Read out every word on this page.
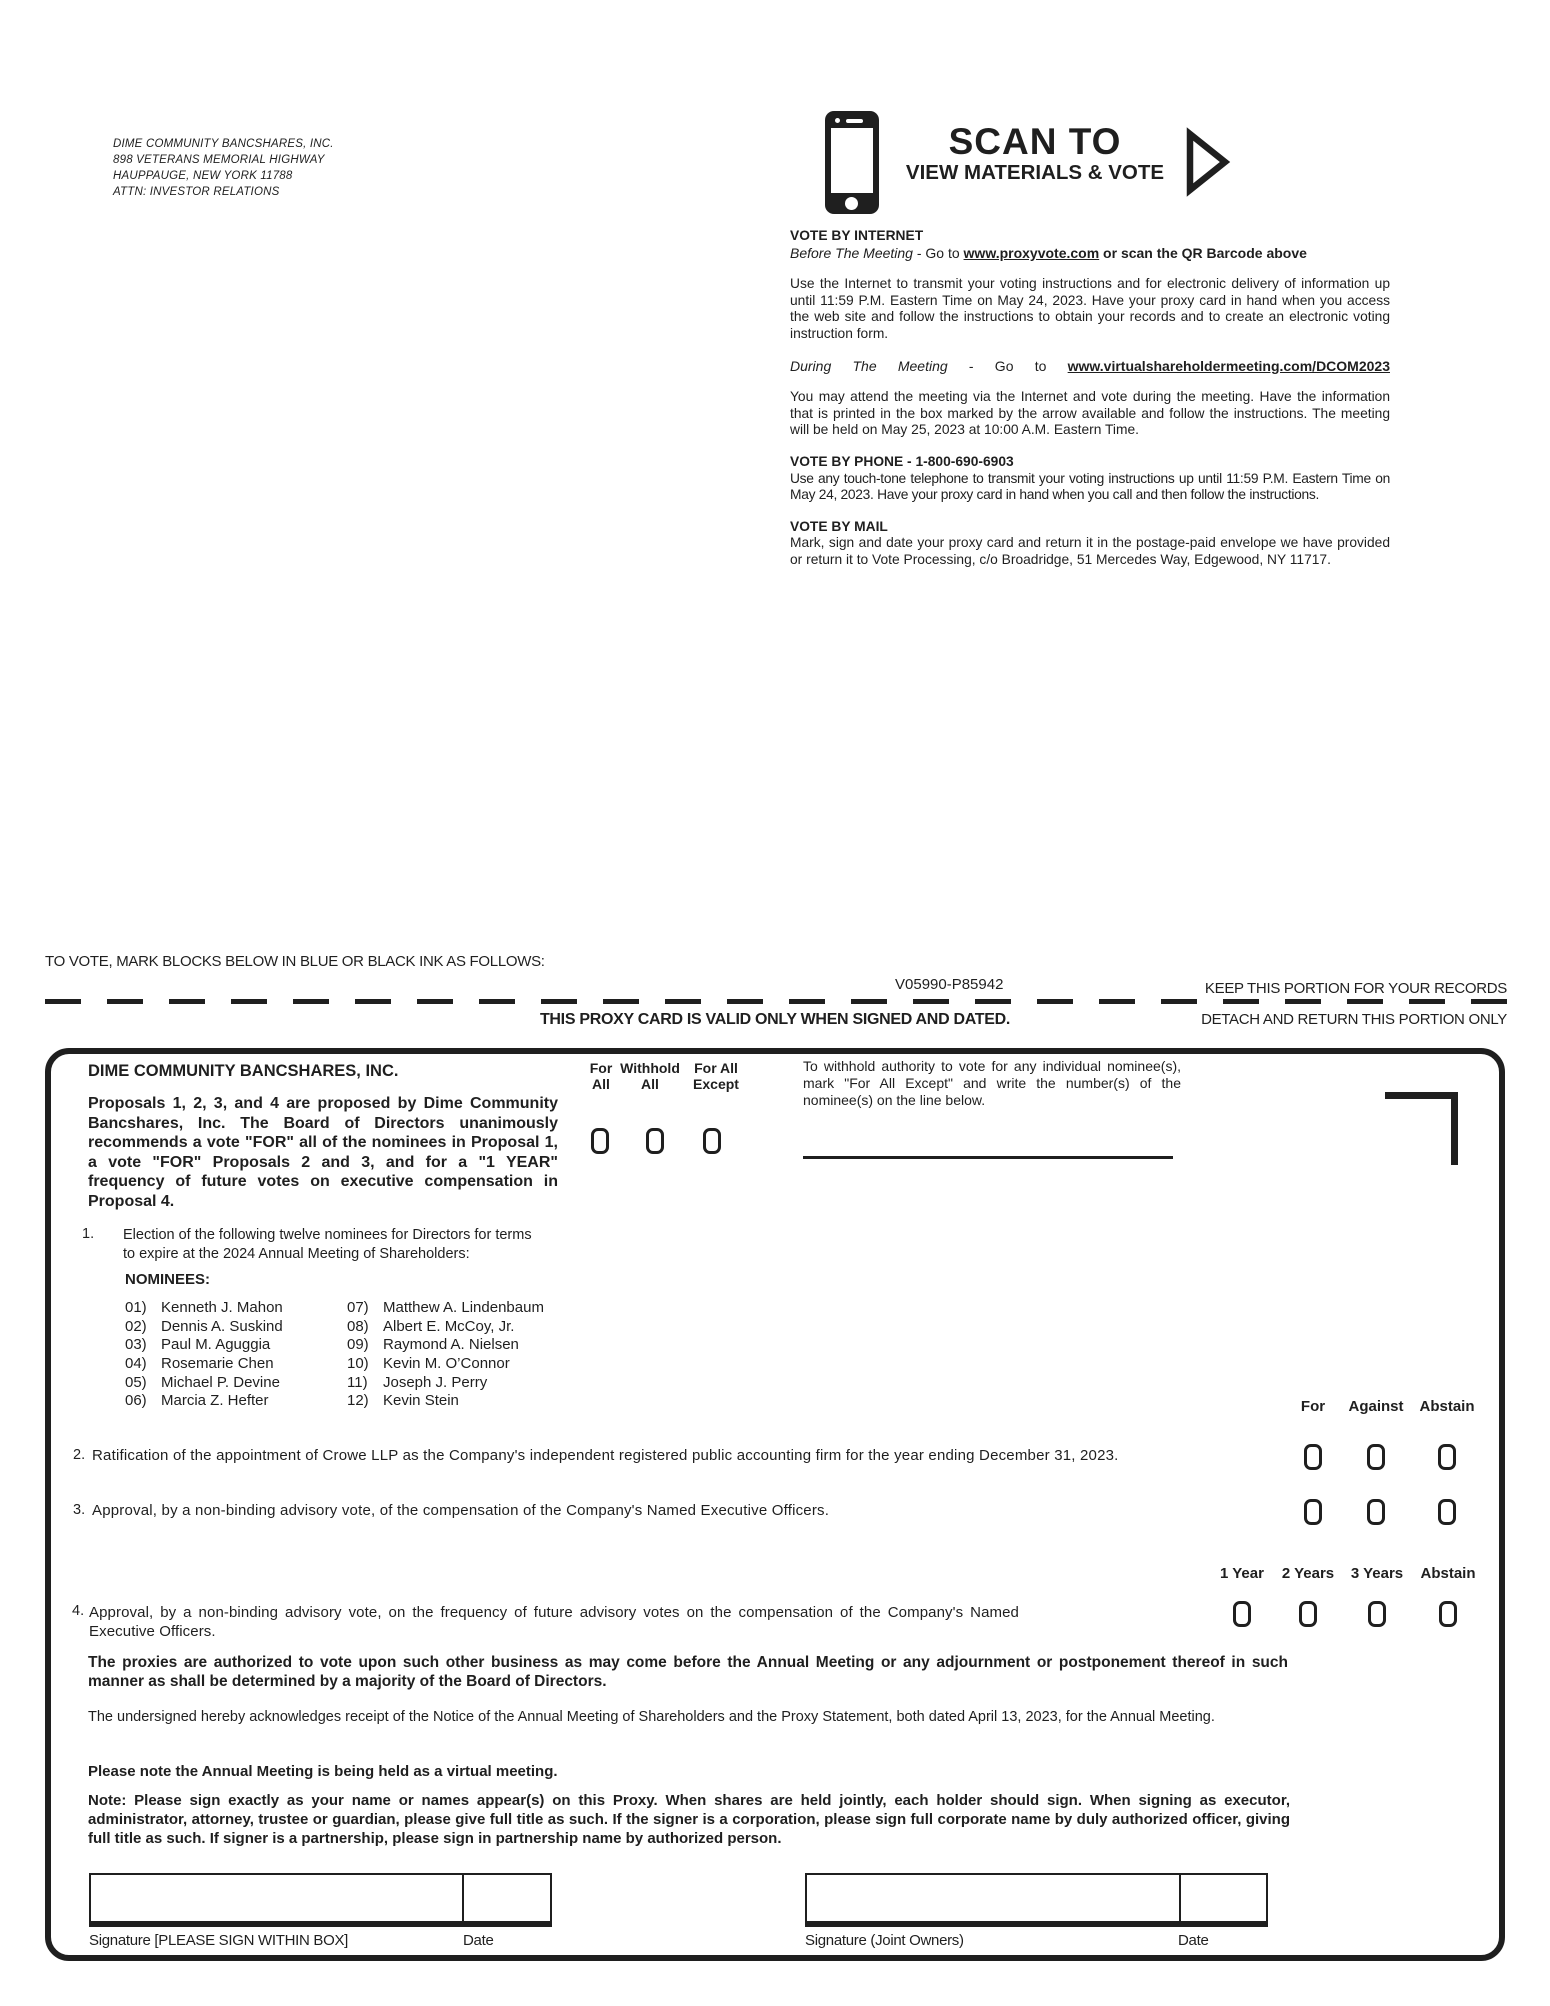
DIME COMMUNITY BANCSHARES, INC.
898 VETERANS MEMORIAL HIGHWAY
HAUPPAUGE, NEW YORK 11788
ATTN: INVESTOR RELATIONS
SCAN TO
VIEW MATERIALS & VOTE

VOTE BY INTERNET

Before The Meeting - Go to www.proxyvote.com or scan the QR Barcode above

Use the Internet to transmit your voting instructions and for electronic delivery of information up until 11:59 P.M. Eastern Time on May 24, 2023. Have your proxy card in hand when you access the web site and follow the instructions to obtain your records and to create an electronic voting instruction form.

During The Meeting - Go to www.virtualshareholdermeeting.com/DCOM2023

You may attend the meeting via the Internet and vote during the meeting. Have the information that is printed in the box marked by the arrow available and follow the instructions. The meeting will be held on May 25, 2023 at 10:00 A.M. Eastern Time.

VOTE BY PHONE - 1-800-690-6903

Use any touch-tone telephone to transmit your voting instructions up until 11:59 P.M. Eastern Time on May 24, 2023. Have your proxy card in hand when you call and then follow the instructions.

VOTE BY MAIL

Mark, sign and date your proxy card and return it in the postage-paid envelope we have provided or return it to Vote Processing, c/o Broadridge, 51 Mercedes Way, Edgewood, NY 11717.

TO VOTE, MARK BLOCKS BELOW IN BLUE OR BLACK INK AS FOLLOWS:
V05990-P85942	KEEP THIS PORTION FOR YOUR RECORDS
THIS PROXY CARD IS VALID ONLY WHEN SIGNED AND DATED.	DETACH AND RETURN THIS PORTION ONLY
DIME COMMUNITY BANCSHARES, INC.
Proposals 1, 2, 3, and 4 are proposed by Dime Community Bancshares, Inc. The Board of Directors unanimously recommends a vote "FOR" all of the nominees in Proposal 1, a vote "FOR" Proposals 2 and 3, and for a "1 YEAR" frequency of future votes on executive compensation in Proposal 4.
For
All
Withhold
All
For All
Except
To withhold authority to vote for any individual nominee(s), mark "For All Except" and write the number(s) of the nominee(s) on the line below.
1. Election of the following twelve nominees for Directors for terms to expire at the 2024 Annual Meeting of Shareholders:
NOMINEES:
01) Kenneth J. Mahon
02) Dennis A. Suskind
03) Paul M. Aguggia
04) Rosemarie Chen
05) Michael P. Devine
06) Marcia Z. Hefter
07) Matthew A. Lindenbaum
08) Albert E. McCoy, Jr.
09) Raymond A. Nielsen
10) Kevin M. O’Connor
11) Joseph J. Perry
12) Kevin Stein	For	Against	Abstain
2. Ratification of the appointment of Crowe LLP as the Company's independent registered public accounting firm for the year ending December 31, 2023.
3. Approval, by a non-binding advisory vote, of the compensation of the Company's Named Executive Officers.
1 Year	2 Years	3 Years	Abstain
4. Approval, by a non-binding advisory vote, on the frequency of future advisory votes on the compensation of the Company's Named Executive Officers.
The proxies are authorized to vote upon such other business as may come before the Annual Meeting or any adjournment or postponement thereof in such manner as shall be determined by a majority of the Board of Directors.
The undersigned hereby acknowledges receipt of the Notice of the Annual Meeting of Shareholders and the Proxy Statement, both dated April 13, 2023, for the Annual Meeting.
Please note the Annual Meeting is being held as a virtual meeting.
Note: Please sign exactly as your name or names appear(s) on this Proxy. When shares are held jointly, each holder should sign. When signing as executor, administrator, attorney, trustee or guardian, please give full title as such. If the signer is a corporation, please sign full corporate name by duly authorized officer, giving full title as such. If signer is a partnership, please sign in partnership name by authorized person.
Signature [PLEASE SIGN WITHIN BOX]	Date	Signature (Joint Owners)	Date
